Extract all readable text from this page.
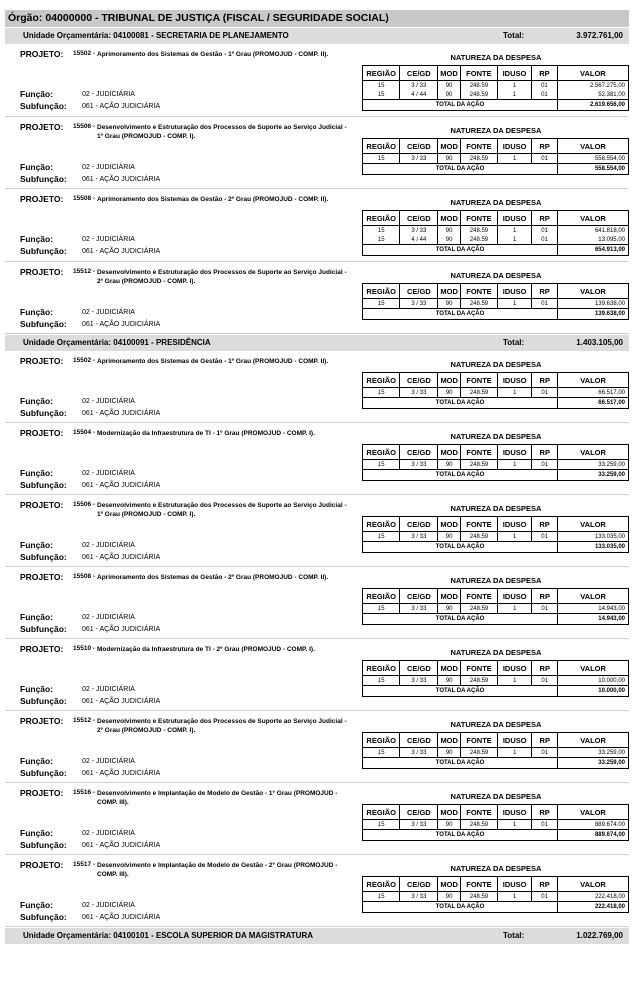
Órgão: 04000000 - TRIBUNAL DE JUSTIÇA (FISCAL / SEGURIDADE SOCIAL)
Unidade Orçamentária: 04100081 - SECRETARIA DE PLANEJAMENTO	Total:	3.972.761,00
PROJETO: 15502 - Aprimoramento dos Sistemas de Gestão - 1º Grau (PROMOJUD - COMP. II).
Função:	02 - JUDICIÁRIA
Subfunção: 061 - AÇÃO JUDICIÁRIA
NATUREZA DA DESPESA
REGIÃO	CE/GD	MOD	FONTE	IDUSO	RP	VALOR
15	3 / 33	90	248.59	1	01	2.567.275,00
15	4 / 44	90	248.59	1	01	52.381,00
TOTAL DA AÇÃO						2.619.656,00
PROJETO: 15506 - Desenvolvimento e Estruturação dos Processos de Suporte ao Serviço Judicial - 1º Grau (PROMOJUD - COMP. I).
Função:	02 - JUDICIÁRIA
Subfunção: 061 - AÇÃO JUDICIÁRIA
NATUREZA DA DESPESA
REGIÃO	CE/GD	MOD	FONTE	IDUSO	RP	VALOR
15	3 / 33	90	248.59	1	01	558.554,00
TOTAL DA AÇÃO						558.554,00
PROJETO: 15508 - Aprimoramento dos Sistemas de Gestão - 2º Grau (PROMOJUD - COMP. II).
Função:	02 - JUDICIÁRIA
Subfunção: 061 - AÇÃO JUDICIÁRIA
NATUREZA DA DESPESA
REGIÃO	CE/GD	MOD	FONTE	IDUSO	RP	VALOR
15	3 / 33	90	248.59	1	01	641.818,00
15	4 / 44	90	248.59	1	01	13.095,00
TOTAL DA AÇÃO						654.913,00
PROJETO: 15512 - Desenvolvimento e Estruturação dos Processos de Suporte ao Serviço Judicial - 2º Grau (PROMOJUD - COMP. I).
Função:	02 - JUDICIÁRIA
Subfunção: 061 - AÇÃO JUDICIÁRIA
NATUREZA DA DESPESA
REGIÃO	CE/GD	MOD	FONTE	IDUSO	RP	VALOR
15	3 / 33	90	248.59	1	01	139.638,00
TOTAL DA AÇÃO						139.638,00
Unidade Orçamentária: 04100091 - PRESIDÊNCIA	Total:	1.403.105,00
PROJETO: 15502 - Aprimoramento dos Sistemas de Gestão - 1º Grau (PROMOJUD - COMP. II).
Função:	02 - JUDICIÁRIA
Subfunção: 061 - AÇÃO JUDICIÁRIA
NATUREZA DA DESPESA
REGIÃO	CE/GD	MOD	FONTE	IDUSO	RP	VALOR
15	3 / 33	90	248.59	1	01	66.517,00
TOTAL DA AÇÃO						66.517,00
PROJETO: 15504 - Modernização da Infraestrutura de TI - 1º Grau (PROMOJUD - COMP. I).
Função:	02 - JUDICIÁRIA
Subfunção: 061 - AÇÃO JUDICIÁRIA
NATUREZA DA DESPESA
REGIÃO	CE/GD	MOD	FONTE	IDUSO	RP	VALOR
15	3 / 33	90	248.59	1	01	33.259,00
TOTAL DA AÇÃO						33.259,00
PROJETO: 15506 - Desenvolvimento e Estruturação dos Processos de Suporte ao Serviço Judicial - 1º Grau (PROMOJUD - COMP. I).
Função:	02 - JUDICIÁRIA
Subfunção: 061 - AÇÃO JUDICIÁRIA
NATUREZA DA DESPESA
REGIÃO	CE/GD	MOD	FONTE	IDUSO	RP	VALOR
15	3 / 33	90	248.59	1	01	133.035,00
TOTAL DA AÇÃO						133.035,00
PROJETO: 15508 - Aprimoramento dos Sistemas de Gestão - 2º Grau (PROMOJUD - COMP. II).
Função:	02 - JUDICIÁRIA
Subfunção: 061 - AÇÃO JUDICIÁRIA
NATUREZA DA DESPESA
REGIÃO	CE/GD	MOD	FONTE	IDUSO	RP	VALOR
15	3 / 33	90	248.59	1	01	14.943,00
TOTAL DA AÇÃO						14.943,00
PROJETO: 15510 - Modernização da Infraestrutura de TI - 2º Grau (PROMOJUD - COMP. I).
Função:	02 - JUDICIÁRIA
Subfunção: 061 - AÇÃO JUDICIÁRIA
NATUREZA DA DESPESA
REGIÃO	CE/GD	MOD	FONTE	IDUSO	RP	VALOR
15	3 / 33	90	248.59	1	01	10.000,00
TOTAL DA AÇÃO						10.000,00
PROJETO: 15512 - Desenvolvimento e Estruturação dos Processos de Suporte ao Serviço Judicial - 2º Grau (PROMOJUD - COMP. I).
Função:	02 - JUDICIÁRIA
Subfunção: 061 - AÇÃO JUDICIÁRIA
NATUREZA DA DESPESA
REGIÃO	CE/GD	MOD	FONTE	IDUSO	RP	VALOR
15	3 / 33	90	248.59	1	01	33.259,00
TOTAL DA AÇÃO						33.259,00
PROJETO: 15516 - Desenvolvimento e Implantação de Modelo de Gestão - 1º Grau (PROMOJUD - COMP. III).
Função:	02 - JUDICIÁRIA
Subfunção: 061 - AÇÃO JUDICIÁRIA
NATUREZA DA DESPESA
REGIÃO	CE/GD	MOD	FONTE	IDUSO	RP	VALOR
15	3 / 33	90	248.59	1	01	889.674,00
TOTAL DA AÇÃO						889.674,00
PROJETO: 15517 - Desenvolvimento e Implantação de Modelo de Gestão - 2º Grau (PROMOJUD - COMP. III).
Função:	02 - JUDICIÁRIA
Subfunção: 061 - AÇÃO JUDICIÁRIA
NATUREZA DA DESPESA
REGIÃO	CE/GD	MOD	FONTE	IDUSO	RP	VALOR
15	3 / 33	90	248.59	1	01	222.418,00
TOTAL DA AÇÃO						222.418,00
Unidade Orçamentária: 04100101 - ESCOLA SUPERIOR DA MAGISTRATURA	Total:	1.022.769,00
